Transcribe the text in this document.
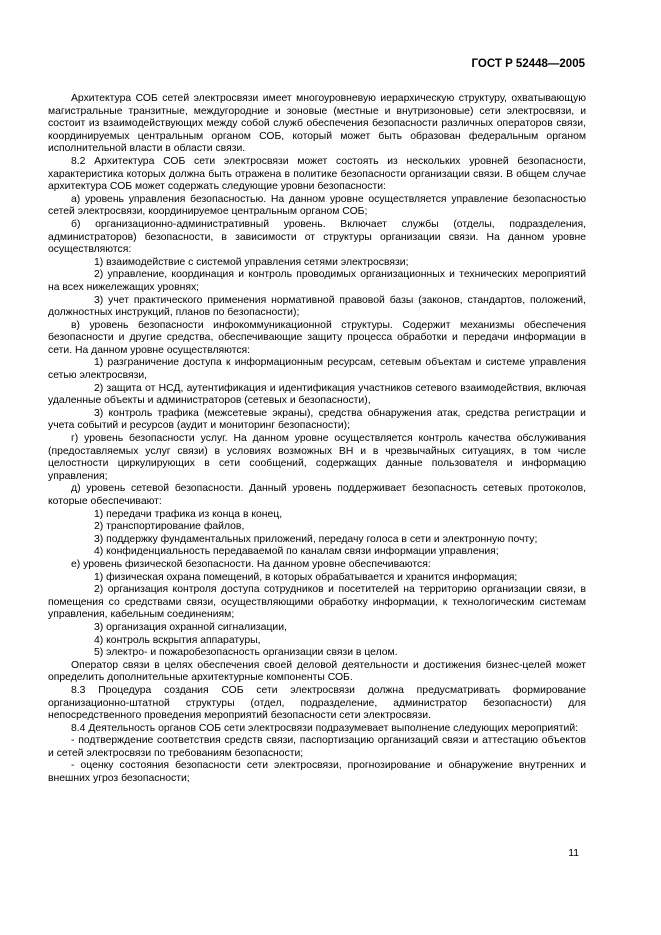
ГОСТ Р 52448—2005

Архитектура СОБ сетей электросвязи имеет многоуровневую иерархическую структуру, охватывающую магистральные транзитные, междугородние и зоновые (местные и внутризоновые) сети электросвязи, и состоит из взаимодействующих между собой служб обеспечения безопасности различных операторов связи, координируемых центральным органом СОБ, который может быть образован федеральным органом исполнительной власти в области связи.

8.2 Архитектура СОБ сети электросвязи может состоять из нескольких уровней безопасности, характеристика которых должна быть отражена в политике безопасности организации связи. В общем случае архитектура СОБ может содержать следующие уровни безопасности:

а) уровень управления безопасностью. На данном уровне осуществляется управление безопасностью сетей электросвязи, координируемое центральным органом СОБ;

б) организационно-административный уровень. Включает службы (отделы, подразделения, администраторов) безопасности, в зависимости от структуры организации связи. На данном уровне осуществляются:

1) взаимодействие с системой управления сетями электросвязи;

2) управление, координация и контроль проводимых организационных и технических мероприятий на всех нижележащих уровнях;

3) учет практического применения нормативной правовой базы (законов, стандартов, положений, должностных инструкций, планов по безопасности);

в) уровень безопасности инфокоммуникационной структуры. Содержит механизмы обеспечения безопасности и другие средства, обеспечивающие защиту процесса обработки и передачи информации в сети. На данном уровне осуществляются:

1) разграничение доступа к информационным ресурсам, сетевым объектам и системе управления сетью электросвязи,

2) защита от НСД, аутентификация и идентификация участников сетевого взаимодействия, включая удаленные объекты и администраторов (сетевых и безопасности),

3) контроль трафика (межсетевые экраны), средства обнаружения атак, средства регистрации и учета событий и ресурсов (аудит и мониторинг безопасности);

г) уровень безопасности услуг. На данном уровне осуществляется контроль качества обслуживания (предоставляемых услуг связи) в условиях возможных ВН и в чрезвычайных ситуациях, в том числе целостности циркулирующих в сети сообщений, содержащих данные пользователя и информацию управления;

д) уровень сетевой безопасности. Данный уровень поддерживает безопасность сетевых протоколов, которые обеспечивают:

1) передачи трафика из конца в конец,

2) транспортирование файлов,

3) поддержку фундаментальных приложений, передачу голоса в сети и электронную почту;

4) конфиденциальность передаваемой по каналам связи информации управления;

е) уровень физической безопасности. На данном уровне обеспечиваются:

1) физическая охрана помещений, в которых обрабатывается и хранится информация;

2) организация контроля доступа сотрудников и посетителей на территорию организации связи, в помещения со средствами связи, осуществляющими обработку информации, к технологическим системам управления, кабельным соединениям;

3) организация охранной сигнализации,

4) контроль вскрытия аппаратуры,

5) электро- и пожаробезопасность организации связи в целом.

Оператор связи в целях обеспечения своей деловой деятельности и достижения бизнес-целей может определить дополнительные архитектурные компоненты СОБ.

8.3 Процедура создания СОБ сети электросвязи должна предусматривать формирование организационно-штатной структуры (отдел, подразделение, администратор безопасности) для непосредственного проведения мероприятий безопасности сети электросвязи.

8.4 Деятельность органов СОБ сети электросвязи подразумевает выполнение следующих мероприятий:

- подтверждение соответствия средств связи, паспортизацию организаций связи и аттестацию объектов и сетей электросвязи по требованиям безопасности;

- оценку состояния безопасности сети электросвязи, прогнозирование и обнаружение внутренних и внешних угроз безопасности;

11
